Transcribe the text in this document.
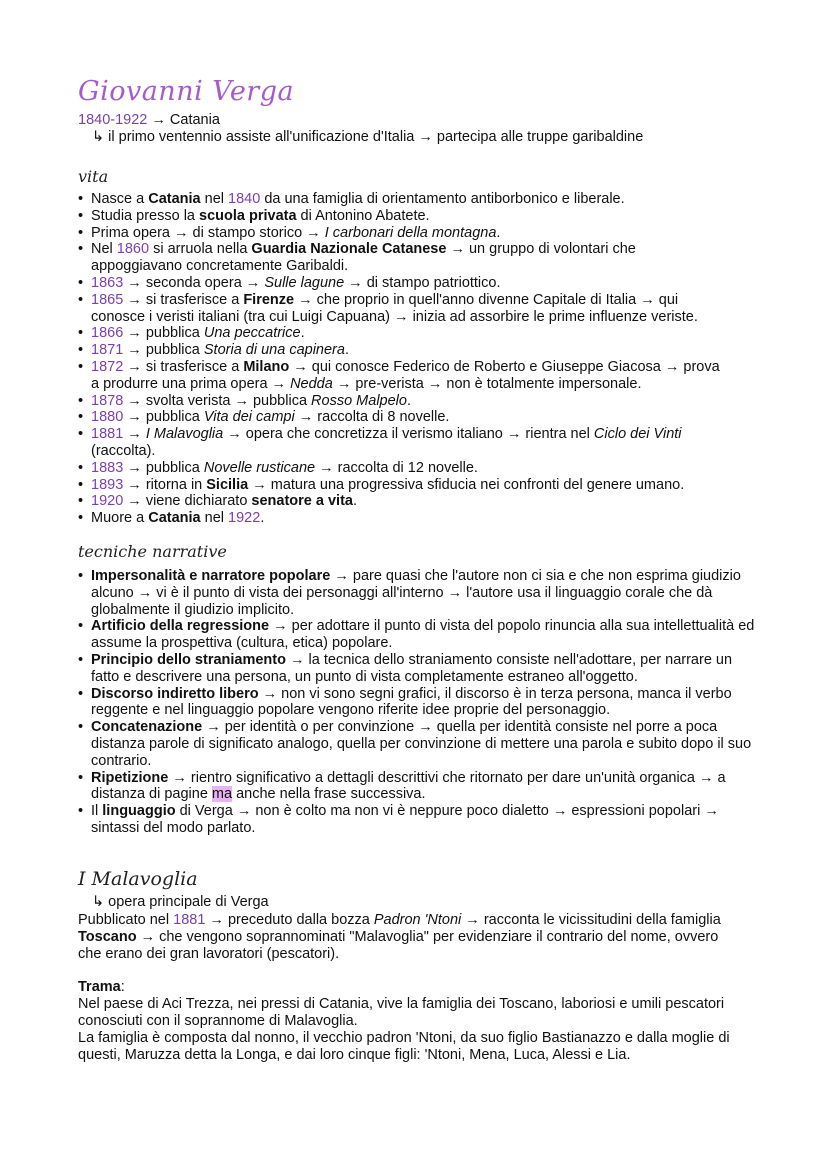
Giovanni Verga
1840-1922 → Catania
↳ il primo ventennio assiste all'unificazione d'Italia → partecipa alle truppe garibaldine
vita
• Nasce a Catania nel 1840 da una famiglia di orientamento antiborbonico e liberale.
• Studia presso la scuola privata di Antonino Abatete.
• Prima opera → di stampo storico → I carbonari della montagna.
• Nel 1860 si arruola nella Guardia Nazionale Catanese → un gruppo di volontari che appoggiavano concretamente Garibaldi.
• 1863 → seconda opera → Sulle lagune → di stampo patriottico.
• 1865 → si trasferisce a Firenze → che proprio in quell'anno divenne Capitale di Italia → qui conosce i veristi italiani (tra cui Luigi Capuana) → inizia ad assorbire le prime influenze veriste.
• 1866 → pubblica Una peccatrice.
• 1871 → pubblica Storia di una capinera.
• 1872 → si trasferisce a Milano → qui conosce Federico de Roberto e Giuseppe Giacosa → prova a produrre una prima opera → Nedda → pre-verista → non è totalmente impersonale.
• 1878 → svolta verista → pubblica Rosso Malpelo.
• 1880 → pubblica Vita dei campi → raccolta di 8 novelle.
• 1881 → I Malavoglia → opera che concretizza il verismo italiano → rientra nel Ciclo dei Vinti (raccolta).
• 1883 → pubblica Novelle rusticane → raccolta di 12 novelle.
• 1893 → ritorna in Sicilia → matura una progressiva sfiducia nei confronti del genere umano.
• 1920 → viene dichiarato senatore a vita.
• Muore a Catania nel 1922.
tecniche narrative
• Impersonalità e narratore popolare → pare quasi che l'autore non ci sia e che non esprima giudizio alcuno → vi è il punto di vista dei personaggi all'interno → l'autore usa il linguaggio corale che dà globalmente il giudizio implicito.
• Artificio della regressione → per adottare il punto di vista del popolo rinuncia alla sua intellettualità ed assume la prospettiva (cultura, etica) popolare.
• Principio dello straniamento → la tecnica dello straniamento consiste nell'adottare, per narrare un fatto e descrivere una persona, un punto di vista completamente estraneo all'oggetto.
• Discorso indiretto libero → non vi sono segni grafici, il discorso è in terza persona, manca il verbo reggente e nel linguaggio popolare vengono riferite idee proprie del personaggio.
• Concatenazione → per identità o per convinzione → quella per identità consiste nel porre a poca distanza parole di significato analogo, quella per convinzione di mettere una parola e subito dopo il suo contrario.
• Ripetizione → rientro significativo a dettagli descrittivi che ritornato per dare un'unità organica → a distanza di pagine ma anche nella frase successiva.
• Il linguaggio di Verga → non è colto ma non vi è neppure poco dialetto → espressioni popolari → sintassi del modo parlato.
I Malavoglia
↳ opera principale di Verga

Pubblicato nel 1881 → preceduto dalla bozza Padron 'Ntoni → racconta le vicissitudini della famiglia Toscano → che vengono soprannominati "Malavoglia" per evidenziare il contrario del nome, ovvero che erano dei gran lavoratori (pescatori).

Trama:

Nel paese di Aci Trezza, nei pressi di Catania, vive la famiglia dei Toscano, laboriosi e umili pescatori conosciuti con il soprannome di Malavoglia.

La famiglia è composta dal nonno, il vecchio padron 'Ntoni, da suo figlio Bastianazzo e dalla moglie di questi, Maruzza detta la Longa, e dai loro cinque figli: 'Ntoni, Mena, Luca, Alessi e Lia.
